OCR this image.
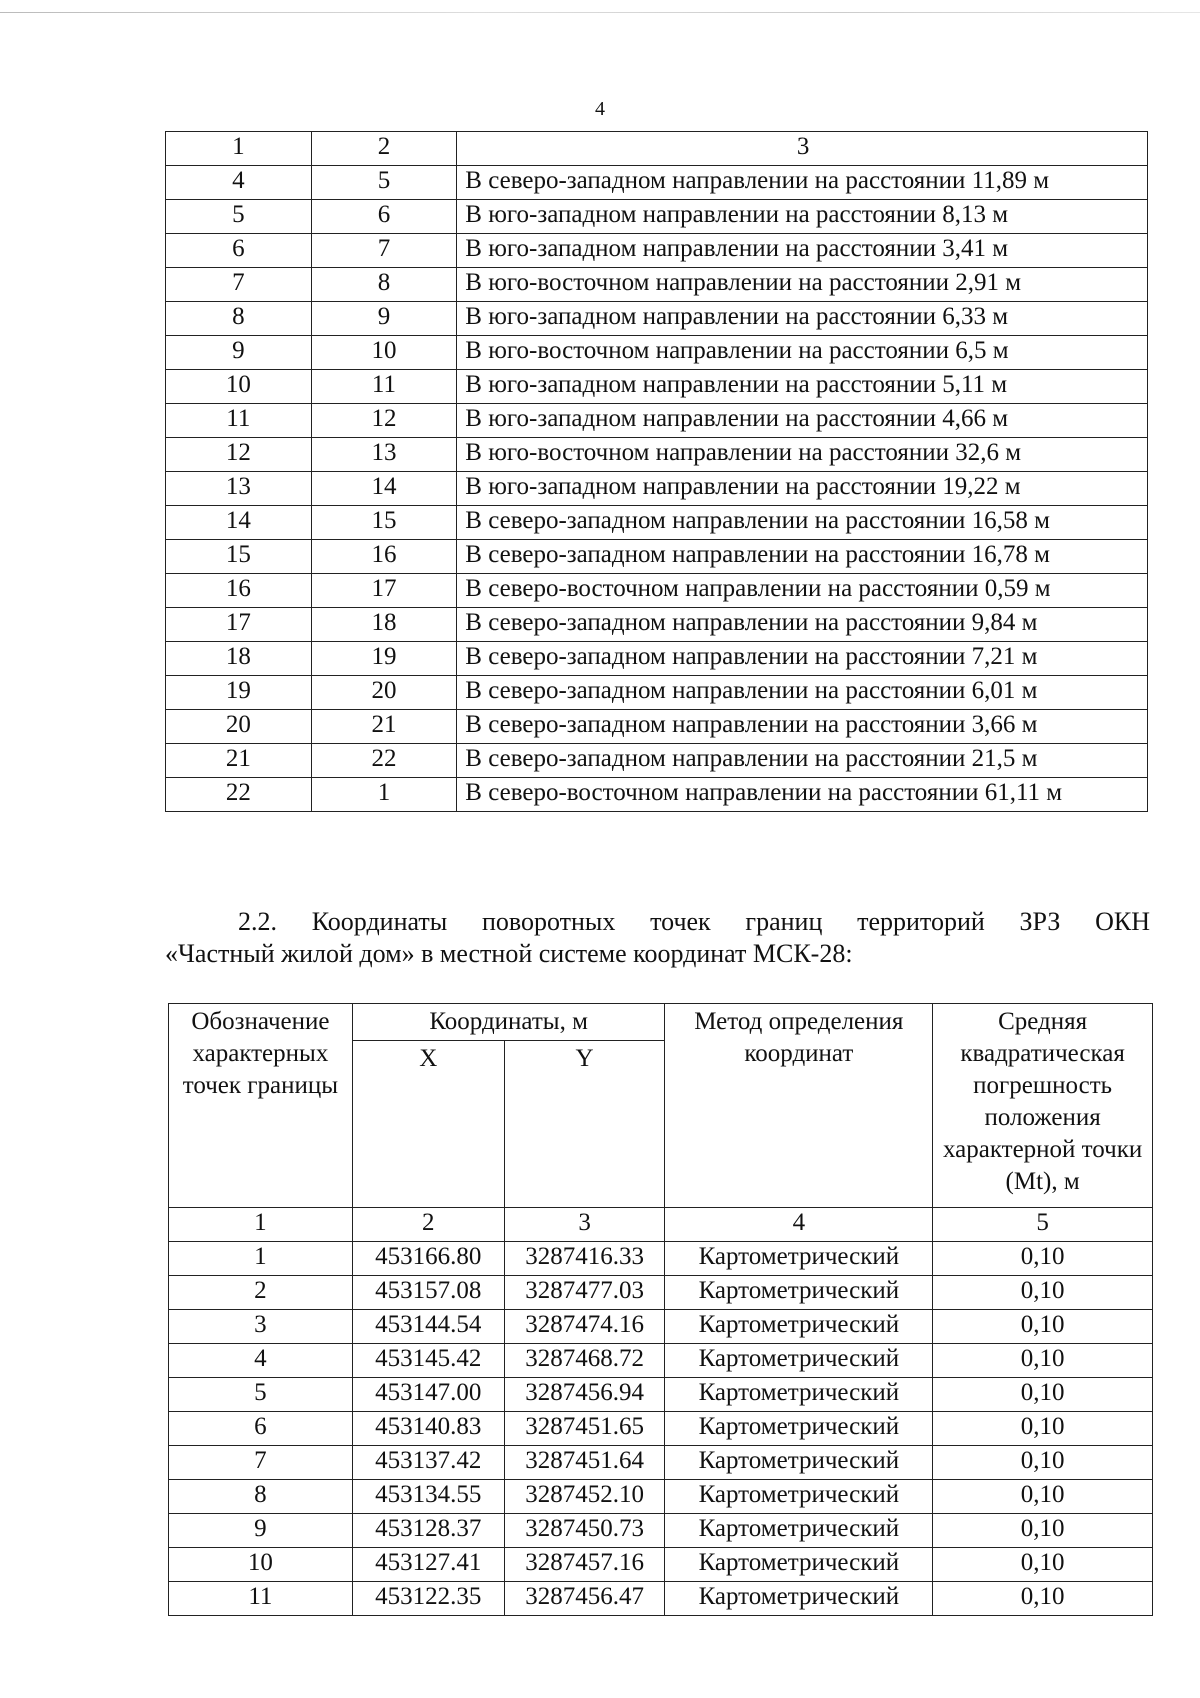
4
1	2	3
4	5	В северо-западном направлении на расстоянии 11,89 м
5	6	В юго-западном направлении на расстоянии 8,13 м
6	7	В юго-западном направлении на расстоянии 3,41 м
7	8	В юго-восточном направлении на расстоянии 2,91 м
8	9	В юго-западном направлении на расстоянии 6,33 м
9	10	В юго-восточном направлении на расстоянии 6,5 м
10	11	В юго-западном направлении на расстоянии 5,11 м
11	12	В юго-западном направлении на расстоянии 4,66 м
12	13	В юго-восточном направлении на расстоянии 32,6 м
13	14	В юго-западном направлении на расстоянии 19,22 м
14	15	В северо-западном направлении на расстоянии 16,58 м
15	16	В северо-западном направлении на расстоянии 16,78 м
16	17	В северо-восточном направлении на расстоянии 0,59 м
17	18	В северо-западном направлении на расстоянии 9,84 м
18	19	В северо-западном направлении на расстоянии 7,21 м
19	20	В северо-западном направлении на расстоянии 6,01 м
20	21	В северо-западном направлении на расстоянии 3,66 м
21	22	В северо-западном направлении на расстоянии 21,5 м
22	1	В северо-восточном направлении на расстоянии 61,11 м
2.2. Координаты поворотных точек границ территорий ЗРЗ ОКН
«Частный жилой дом» в местной системе координат МСК-28:
Обозначение характерных точек границы	Координаты, м		Метод определения координат	Средняя квадратическая погрешность положения характерной точки (Mt), м
	X	Y		
1	2	3	4	5
1	453166.80	3287416.33	Картометрический	0,10
2	453157.08	3287477.03	Картометрический	0,10
3	453144.54	3287474.16	Картометрический	0,10
4	453145.42	3287468.72	Картометрический	0,10
5	453147.00	3287456.94	Картометрический	0,10
6	453140.83	3287451.65	Картометрический	0,10
7	453137.42	3287451.64	Картометрический	0,10
8	453134.55	3287452.10	Картометрический	0,10
9	453128.37	3287450.73	Картометрический	0,10
10	453127.41	3287457.16	Картометрический	0,10
11	453122.35	3287456.47	Картометрический	0,10
